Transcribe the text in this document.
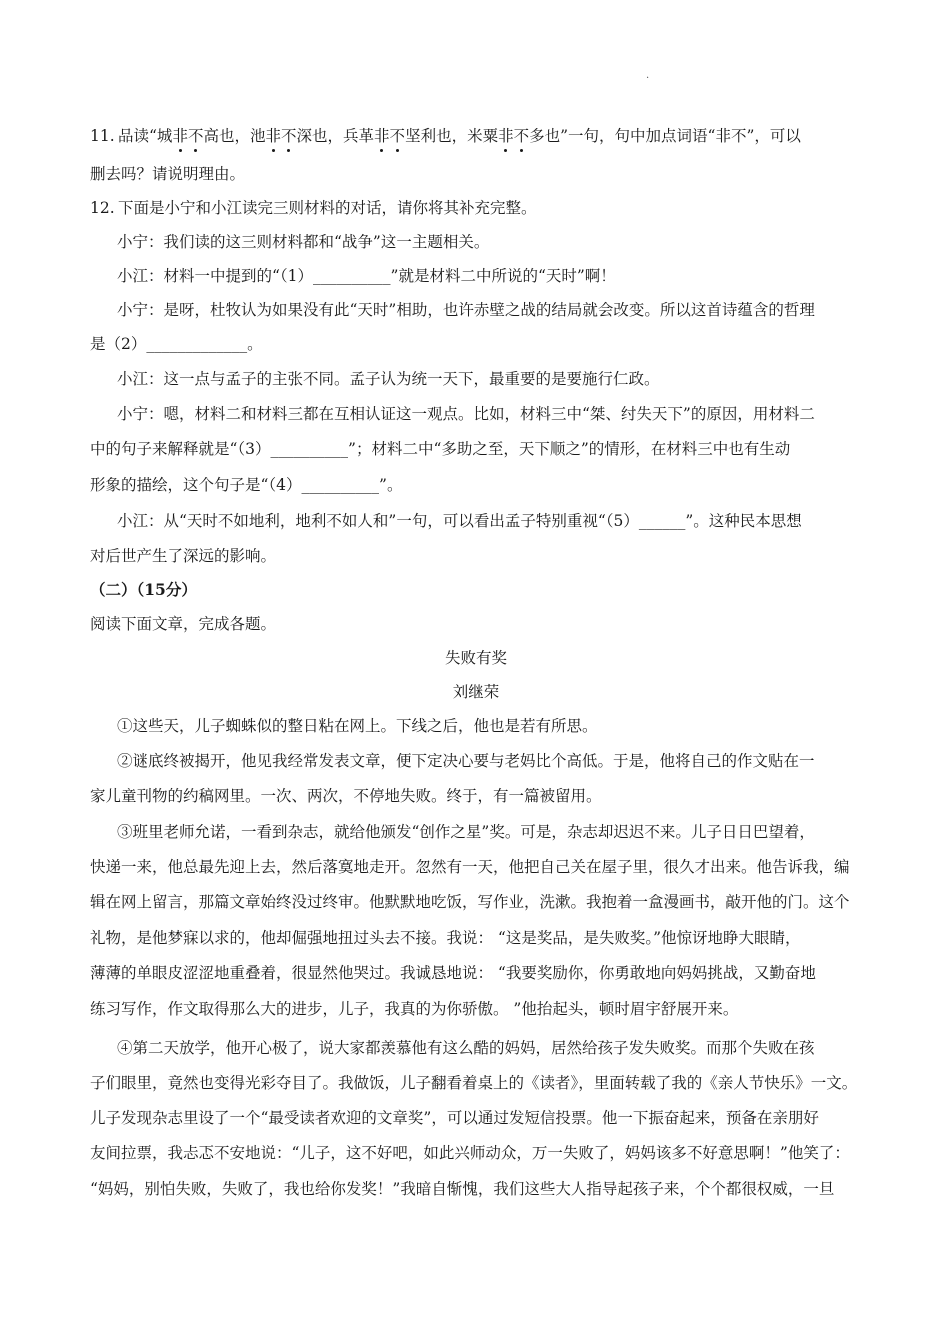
.
11. 品读“城非不高也，池非不深也，兵革非不坚利也，米粟非不多也”一句，句中加点词语“非不”，可以
删去吗？请说明理由。
12. 下面是小宁和小江读完三则材料的对话，请你将其补充完整。
小宁：我们读的这三则材料都和“战争”这一主题相关。
小江：材料一中提到的“（1）__________”就是材料二中所说的“天时”啊！
小宁：是呀，杜牧认为如果没有此“天时”相助，也许赤壁之战的结局就会改变。所以这首诗蕴含的哲理
是（2）_____________。
小江：这一点与孟子的主张不同。孟子认为统一天下，最重要的是要施行仁政。
小宁：嗯，材料二和材料三都在互相认证这一观点。比如，材料三中“桀、纣失天下”的原因，用材料二
中的句子来解释就是“（3）__________”；材料二中“多助之至，天下顺之”的情形，在材料三中也有生动
形象的描绘，这个句子是“（4）__________”。
小江：从“天时不如地利，地利不如人和”一句，可以看出孟子特别重视“（5）______”。这种民本思想
对后世产生了深远的影响。
（二）（15分）
阅读下面文章，完成各题。
失败有奖
刘继荣
①这些天，儿子蜘蛛似的整日粘在网上。下线之后，他也是若有所思。
②谜底终被揭开，他见我经常发表文章，便下定决心要与老妈比个高低。于是，他将自己的作文贴在一
家儿童刊物的约稿网里。一次、两次，不停地失败。终于，有一篇被留用。
③班里老师允诺，一看到杂志，就给他颁发“创作之星”奖。可是，杂志却迟迟不来。儿子日日巴望着，
快递一来，他总最先迎上去，然后落寞地走开。忽然有一天，他把自己关在屋子里，很久才出来。他告诉我，编
辑在网上留言，那篇文章始终没过终审。他默默地吃饭，写作业，洗漱。我抱着一盒漫画书，敲开他的门。这个
礼物，是他梦寐以求的，他却倔强地扭过头去不接。我说： “这是奖品，是失败奖。”他惊讶地睁大眼睛，
薄薄的单眼皮涩涩地重叠着，很显然他哭过。我诚恳地说： “我要奖励你，你勇敢地向妈妈挑战，又勤奋地
练习写作，作文取得那么大的进步，儿子，我真的为你骄傲。 ”他抬起头，顿时眉宇舒展开来。
④第二天放学，他开心极了，说大家都羡慕他有这么酷的妈妈，居然给孩子发失败奖。而那个失败在孩
子们眼里，竟然也变得光彩夺目了。我做饭，儿子翻看着桌上的《读者》，里面转载了我的《亲人节快乐》一文。
儿子发现杂志里设了一个“最受读者欢迎的文章奖”，可以通过发短信投票。他一下振奋起来，预备在亲朋好
友间拉票，我忐忑不安地说：“儿子，这不好吧，如此兴师动众，万一失败了，妈妈该多不好意思啊！”他笑了：
“妈妈，别怕失败，失败了，我也给你发奖！”我暗自惭愧，我们这些大人指导起孩子来，个个都很权威，一旦
